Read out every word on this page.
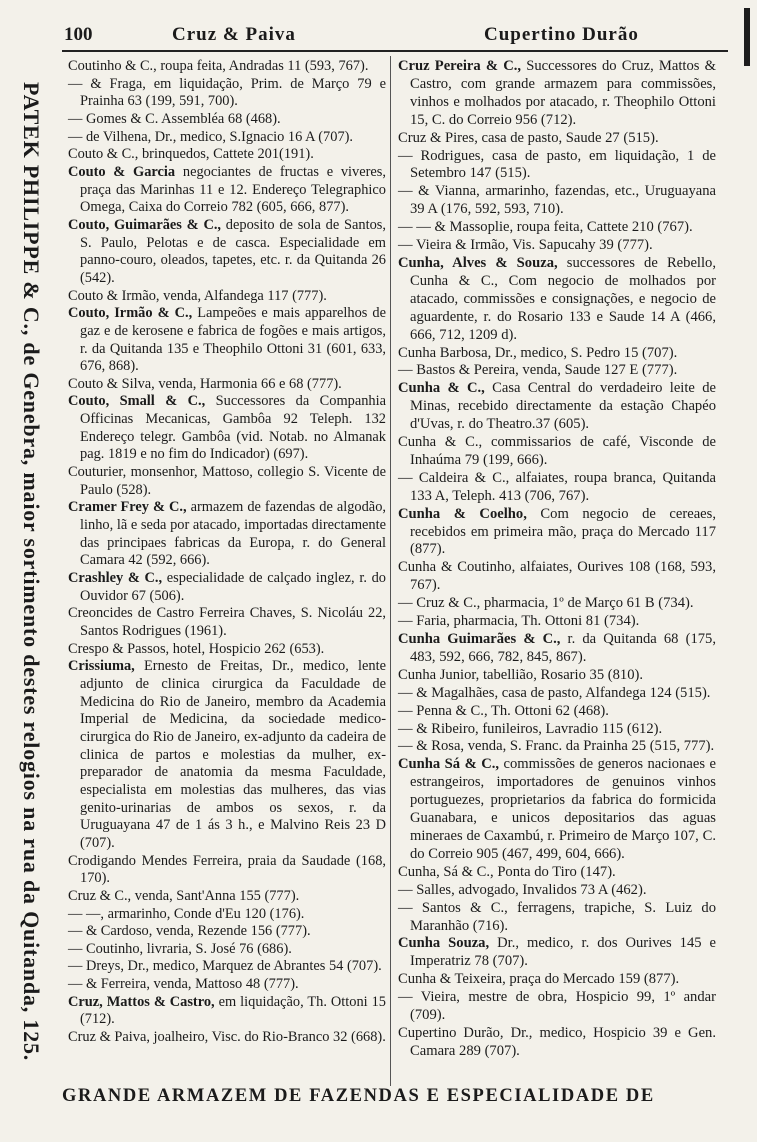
100	Cruz & Paiva	Cupertino Durão
PATEK PHILIPPE & C., de Genebra, maior sortimento destes relogios na rua da Quitanda, 125.

Coutinho & C., roupa feita, Andradas 11 (593, 767).

— & Fraga, em liquidação, Prim. de Março 79 e Prainha 63 (199, 591, 700).

— Gomes & C. Assembléa 68 (468).

— de Vilhena, Dr., medico, S.Ignacio 16 A (707).

Couto & C., brinquedos, Cattete 201(191).

Couto & Garcia negociantes de fructas e viveres, praça das Marinhas 11 e 12. Endereço Telegraphico Omega, Caixa do Correio 782 (605, 666, 877).

Couto, Guimarães & C., deposito de sola de Santos, S. Paulo, Pelotas e de casca. Especialidade em panno-couro, oleados, tapetes, etc. r. da Quitanda 26 (542).

Couto & Irmão, venda, Alfandega 117 (777).

Couto, Irmão & C., Lampeões e mais apparelhos de gaz e de kerosene e fabrica de fogões e mais artigos, r. da Quitanda 135 e Theophilo Ottoni 31 (601, 633, 676, 868).

Couto & Silva, venda, Harmonia 66 e 68 (777).

Couto, Small & C., Successores da Companhia Officinas Mecanicas, Gambôa 92 Teleph. 132 Endereço telegr. Gambôa (vid. Notab. no Almanak pag. 1819 e no fim do Indicador) (697).

Couturier, monsenhor, Mattoso, collegio S. Vicente de Paulo (528).

Cramer Frey & C., armazem de fazendas de algodão, linho, lã e seda por atacado, importadas directamente das principaes fabricas da Europa, r. do General Camara 42 (592, 666).

Crashley & C., especialidade de calçado inglez, r. do Ouvidor 67 (506).

Creoncides de Castro Ferreira Chaves, S. Nicoláu 22, Santos Rodrigues (1961).

Crespo & Passos, hotel, Hospicio 262 (653).

Crissiuma, Ernesto de Freitas, Dr., medico, lente adjunto de clinica cirurgica da Faculdade de Medicina do Rio de Janeiro, membro da Academia Imperial de Medicina, da sociedade medico-cirurgica do Rio de Janeiro, ex-adjunto da cadeira de clinica de partos e molestias da mulher, ex-preparador de anatomia da mesma Faculdade, especialista em molestias das mulheres, das vias genito-urinarias de ambos os sexos, r. da Uruguayana 47 de 1 ás 3 h., e Malvino Reis 23 D (707).

Crodigando Mendes Ferreira, praia da Saudade (168, 170).

Cruz & C., venda, Sant'Anna 155 (777).

— —, armarinho, Conde d'Eu 120 (176).

— & Cardoso, venda, Rezende 156 (777).

— Coutinho, livraria, S. José 76 (686).

— Dreys, Dr., medico, Marquez de Abrantes 54 (707).

— & Ferreira, venda, Mattoso 48 (777).

Cruz, Mattos & Castro, em liquidação, Th. Ottoni 15 (712).

Cruz & Paiva, joalheiro, Visc. do Rio-Branco 32 (668).

Cruz Pereira & C., Successores do Cruz, Mattos & Castro, com grande armazem para commissões, vinhos e molhados por atacado, r. Theophilo Ottoni 15, C. do Correio 956 (712).

Cruz & Pires, casa de pasto, Saude 27 (515).

— Rodrigues, casa de pasto, em liquidação, 1 de Setembro 147 (515).

— & Vianna, armarinho, fazendas, etc., Uruguayana 39 A (176, 592, 593, 710).

— — & Massoplie, roupa feita, Cattete 210 (767).

— Vieira & Irmão, Vis. Sapucahy 39 (777).

Cunha, Alves & Souza, successores de Rebello, Cunha & C., Com negocio de molhados por atacado, commissões e consignações, e negocio de aguardente, r. do Rosario 133 e Saude 14 A (466, 666, 712, 1209 d).

Cunha Barbosa, Dr., medico, S. Pedro 15 (707).

— Bastos & Pereira, venda, Saude 127 E (777).

Cunha & C., Casa Central do verdadeiro leite de Minas, recebido directamente da estação Chapéo d'Uvas, r. do Theatro.37 (605).

Cunha & C., commissarios de café, Visconde de Inhaúma 79 (199, 666).

— Caldeira & C., alfaiates, roupa branca, Quitanda 133 A, Teleph. 413 (706, 767).

Cunha & Coelho, Com negocio de cereaes, recebidos em primeira mão, praça do Mercado 117 (877).

Cunha & Coutinho, alfaiates, Ourives 108 (168, 593, 767).

— Cruz & C., pharmacia, 1º de Março 61 B (734).

— Faria, pharmacia, Th. Ottoni 81 (734).

Cunha Guimarães & C., r. da Quitanda 68 (175, 483, 592, 666, 782, 845, 867).

Cunha Junior, tabellião, Rosario 35 (810).

— & Magalhães, casa de pasto, Alfandega 124 (515).

— Penna & C., Th. Ottoni 62 (468).

— & Ribeiro, funileiros, Lavradio 115 (612).

— & Rosa, venda, S. Franc. da Prainha 25 (515, 777).

Cunha Sá & C., commissões de generos nacionaes e estrangeiros, importadores de genuinos vinhos portuguezes, proprietarios da fabrica do formicida Guanabara, e unicos depositarios das aguas mineraes de Caxambú, r. Primeiro de Março 107, C. do Correio 905 (467, 499, 604, 666).

Cunha, Sá & C., Ponta do Tiro (147).

— Salles, advogado, Invalidos 73 A (462).

— Santos & C., ferragens, trapiche, S. Luiz do Maranhão (716).

Cunha Souza, Dr., medico, r. dos Ourives 145 e Imperatriz 78 (707).

Cunha & Teixeira, praça do Mercado 159 (877).

— Vieira, mestre de obra, Hospicio 99, 1º andar (709).

Cupertino Durão, Dr., medico, Hospicio 39 e Gen. Camara 289 (707).

GRANDE ARMAZEM DE FAZENDAS E ESPECIALIDADE DE
